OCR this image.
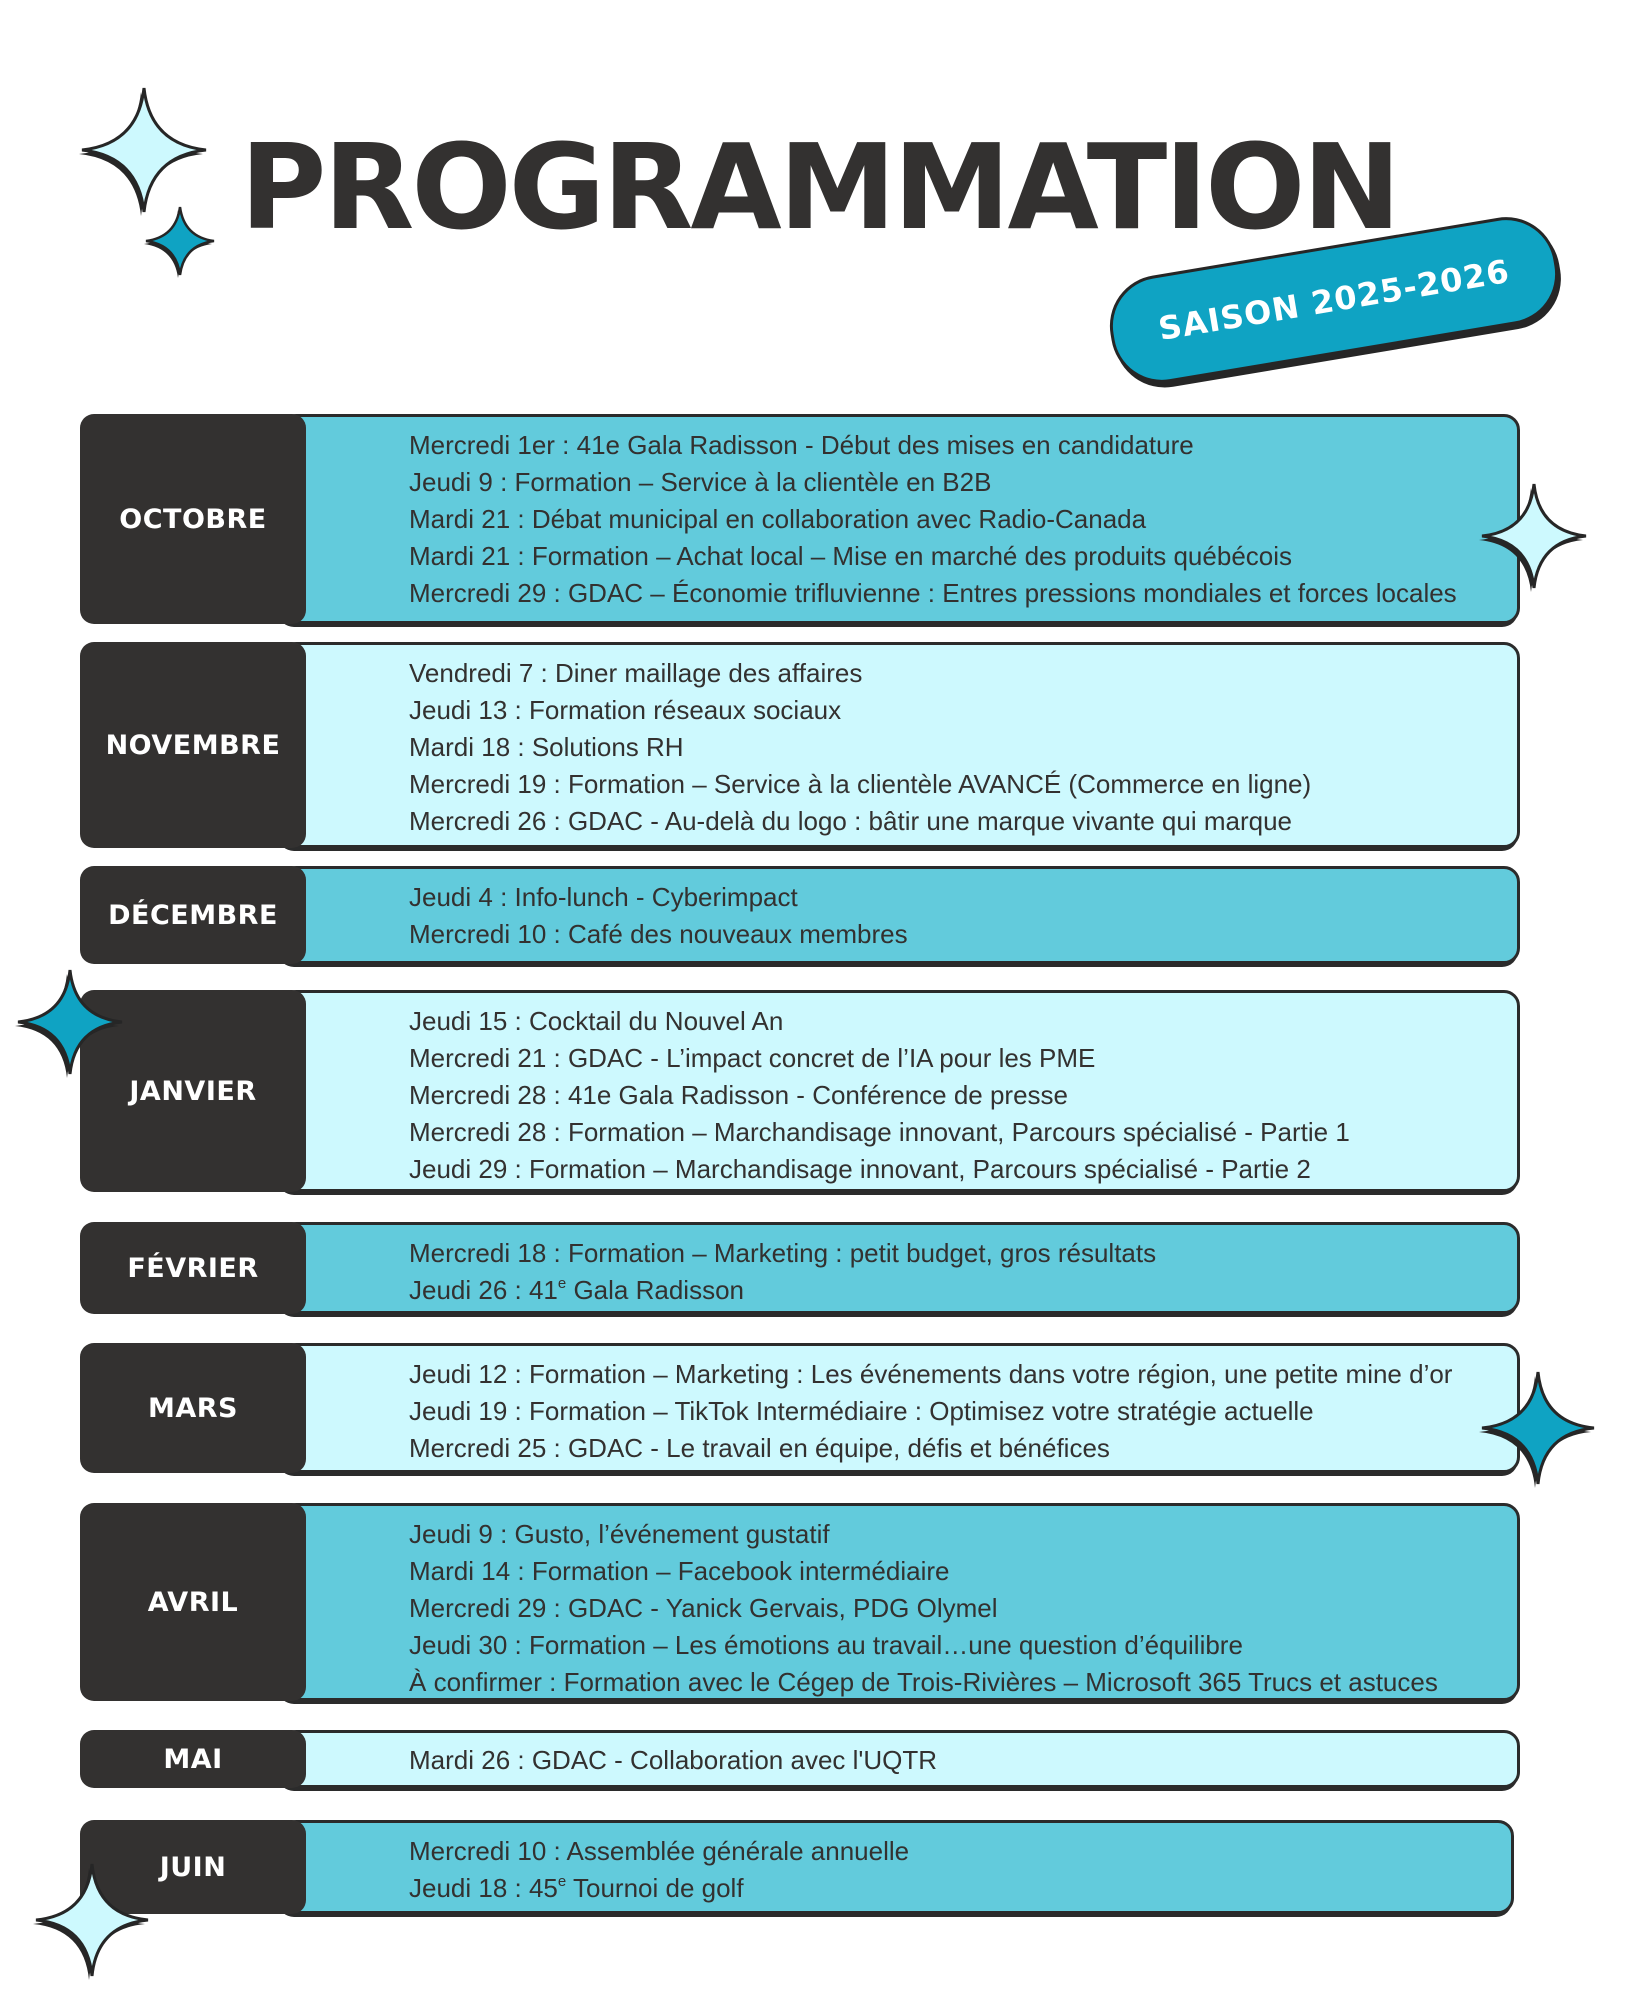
PROGRAMMATION
SAISON 2025-2026
Mercredi 1er : 41e Gala Radisson - Début des mises en candidature
Jeudi 9 : Formation – Service à la clientèle en B2B
Mardi 21 : Débat municipal en collaboration avec Radio-Canada
Mardi 21 : Formation – Achat local – Mise en marché des produits québécois
Mercredi 29 : GDAC – Économie trifluvienne : Entres pressions mondiales et forces locales
OCTOBRE
Vendredi 7 : Diner maillage des affaires
Jeudi 13 : Formation réseaux sociaux
Mardi 18 : Solutions RH
Mercredi 19 : Formation – Service à la clientèle AVANCÉ (Commerce en ligne)
Mercredi 26 : GDAC - Au-delà du logo : bâtir une marque vivante qui marque
NOVEMBRE
Jeudi 4 : Info-lunch - Cyberimpact
Mercredi 10 : Café des nouveaux membres
DÉCEMBRE
Jeudi 15 : Cocktail du Nouvel An
Mercredi 21 : GDAC - L’impact concret de l’IA pour les PME
Mercredi 28 : 41e Gala Radisson - Conférence de presse
Mercredi 28 : Formation – Marchandisage innovant, Parcours spécialisé - Partie 1
Jeudi 29 : Formation – Marchandisage innovant, Parcours spécialisé - Partie 2
JANVIER
Mercredi 18 : Formation – Marketing : petit budget, gros résultats
Jeudi 26 : 41e Gala Radisson
FÉVRIER
Jeudi 12 : Formation – Marketing : Les événements dans votre région, une petite mine d’or
Jeudi 19 : Formation – TikTok Intermédiaire : Optimisez votre stratégie actuelle
Mercredi 25 : GDAC - Le travail en équipe, défis et bénéfices
MARS
Jeudi 9 : Gusto, l’événement gustatif
Mardi 14 : Formation – Facebook intermédiaire
Mercredi 29 : GDAC - Yanick Gervais, PDG Olymel
Jeudi 30 : Formation – Les émotions au travail…une question d’équilibre
À confirmer : Formation avec le Cégep de Trois-Rivières – Microsoft 365 Trucs et astuces
AVRIL
Mardi 26 : GDAC - Collaboration avec l'UQTR
MAI
Mercredi 10 : Assemblée générale annuelle
Jeudi 18 : 45e Tournoi de golf
JUIN
